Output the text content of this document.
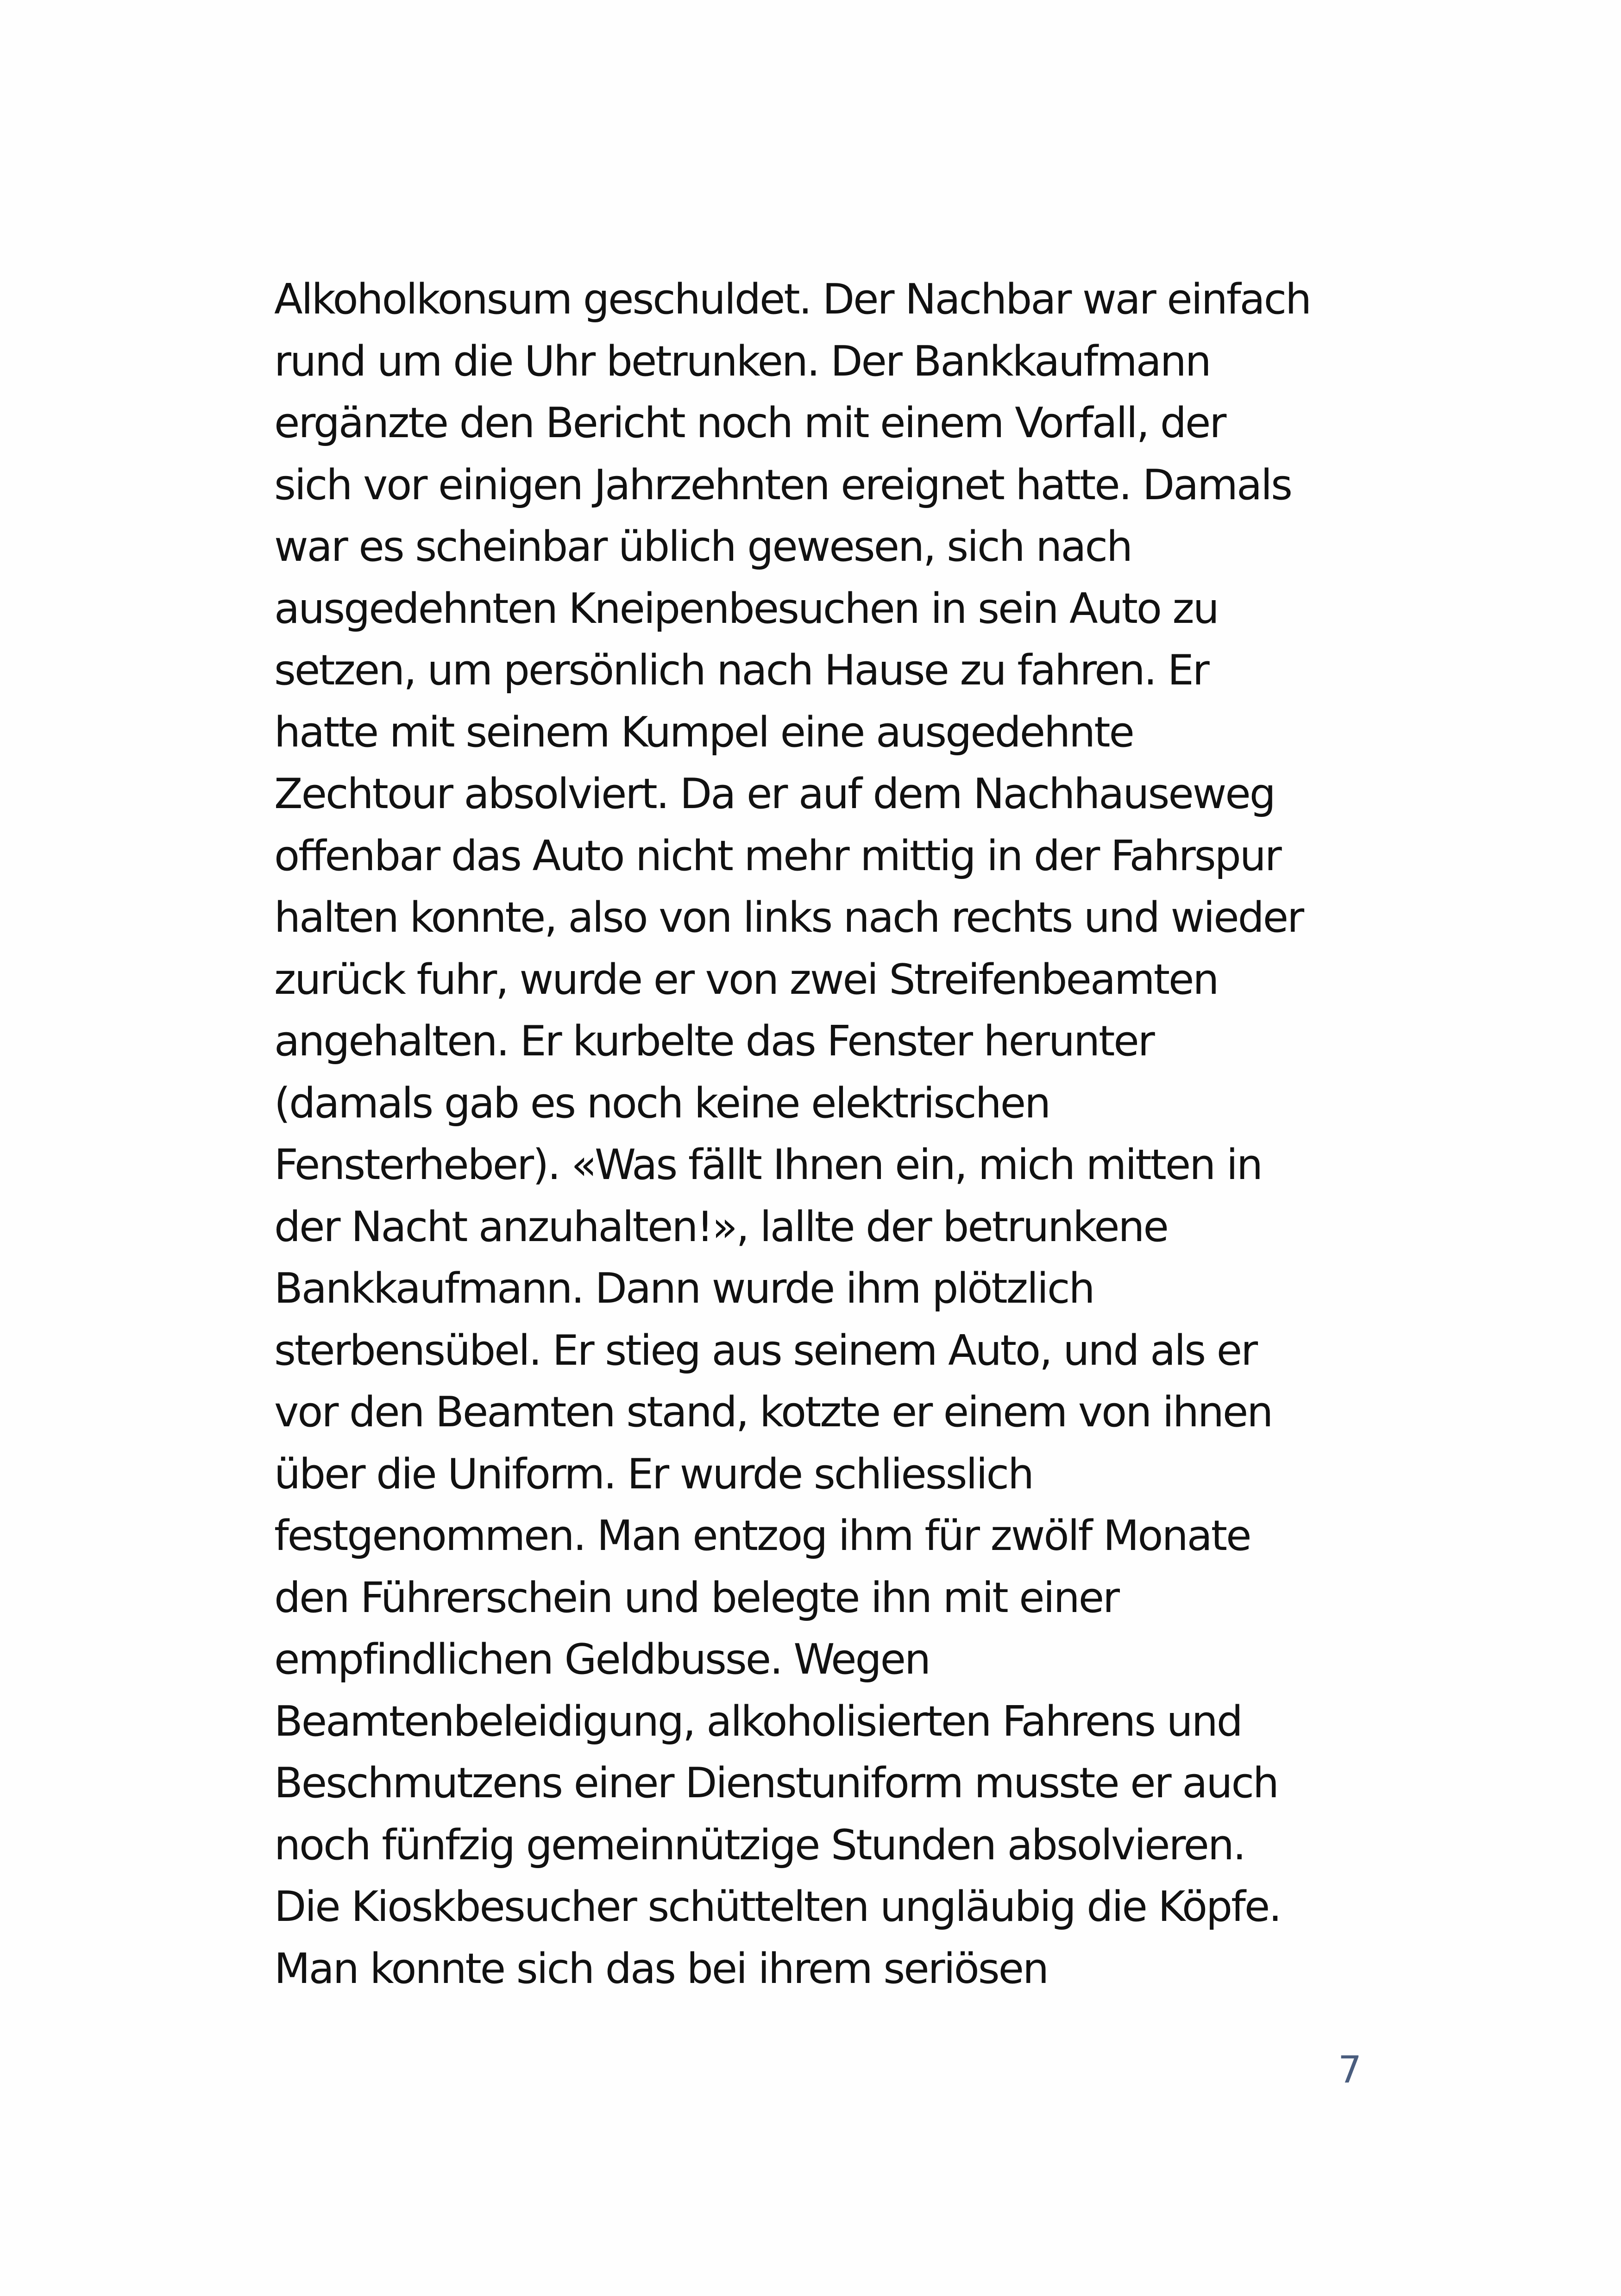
Alkoholkonsum geschuldet. Der Nachbar war einfach
rund um die Uhr betrunken. Der Bankkaufmann
ergänzte den Bericht noch mit einem Vorfall, der
sich vor einigen Jahrzehnten ereignet hatte. Damals
war es scheinbar üblich gewesen, sich nach
ausgedehnten Kneipenbesuchen in sein Auto zu
setzen, um persönlich nach Hause zu fahren. Er
hatte mit seinem Kumpel eine ausgedehnte
Zechtour absolviert. Da er auf dem Nachhauseweg
offenbar das Auto nicht mehr mittig in der Fahrspur
halten konnte, also von links nach rechts und wieder
zurück fuhr, wurde er von zwei Streifenbeamten
angehalten. Er kurbelte das Fenster herunter
(damals gab es noch keine elektrischen
Fensterheber). «Was fällt Ihnen ein, mich mitten in
der Nacht anzuhalten!», lallte der betrunkene
Bankkaufmann. Dann wurde ihm plötzlich
sterbensübel. Er stieg aus seinem Auto, und als er
vor den Beamten stand, kotzte er einem von ihnen
über die Uniform. Er wurde schliesslich
festgenommen. Man entzog ihm für zwölf Monate
den Führerschein und belegte ihn mit einer
empfindlichen Geldbusse. Wegen
Beamtenbeleidigung, alkoholisierten Fahrens und
Beschmutzens einer Dienstuniform musste er auch
noch fünfzig gemeinnützige Stunden absolvieren.
Die Kioskbesucher schüttelten ungläubig die Köpfe.
Man konnte sich das bei ihrem seriösen
7
